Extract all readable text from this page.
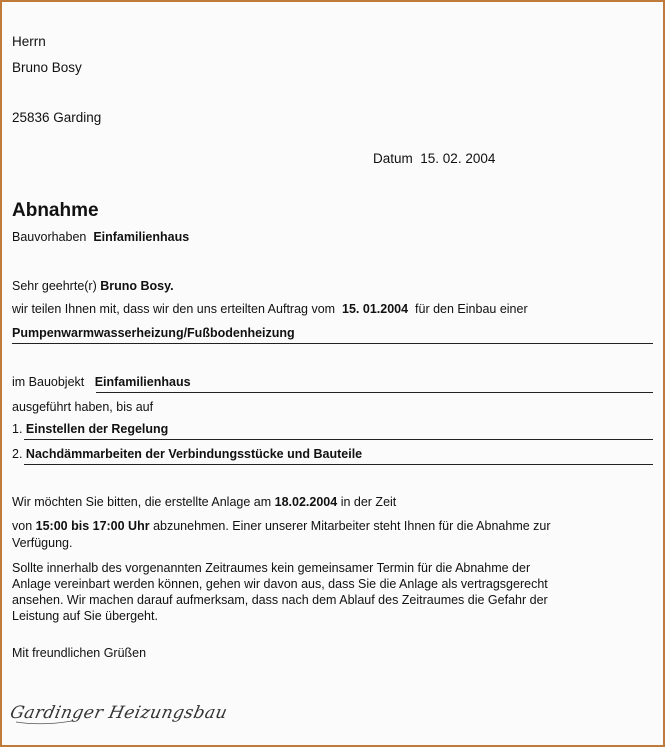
Herrn
Bruno Bosy
25836 Garding
Datum 15. 02. 2004
Abnahme
Bauvorhaben Einfamilienhaus
Sehr geehrte(r) Bruno Bosy.
wir teilen Ihnen mit, dass wir den uns erteilten Auftrag vom 15. 01.2004 für den Einbau einer
Pumpenwarmwasserheizung/Fußbodenheizung
im Bauobjekt Einfamilienhaus
ausgeführt haben, bis auf
1. Einstellen der Regelung
2. Nachdämmarbeiten der Verbindungsstücke und Bauteile
Wir möchten Sie bitten, die erstellte Anlage am 18.02.2004 in der Zeit
von 15:00 bis 17:00 Uhr abzunehmen. Einer unserer Mitarbeiter steht Ihnen für die Abnahme zur
Verfügung.
Sollte innerhalb des vorgenannten Zeitraumes kein gemeinsamer Termin für die Abnahme der
Anlage vereinbart werden können, gehen wir davon aus, dass Sie die Anlage als vertragsgerecht
ansehen. Wir machen darauf aufmerksam, dass nach dem Ablauf des Zeitraumes die Gefahr der
Leistung auf Sie übergeht.
Mit freundlichen Grüßen
Gardinger Heizungsbau
